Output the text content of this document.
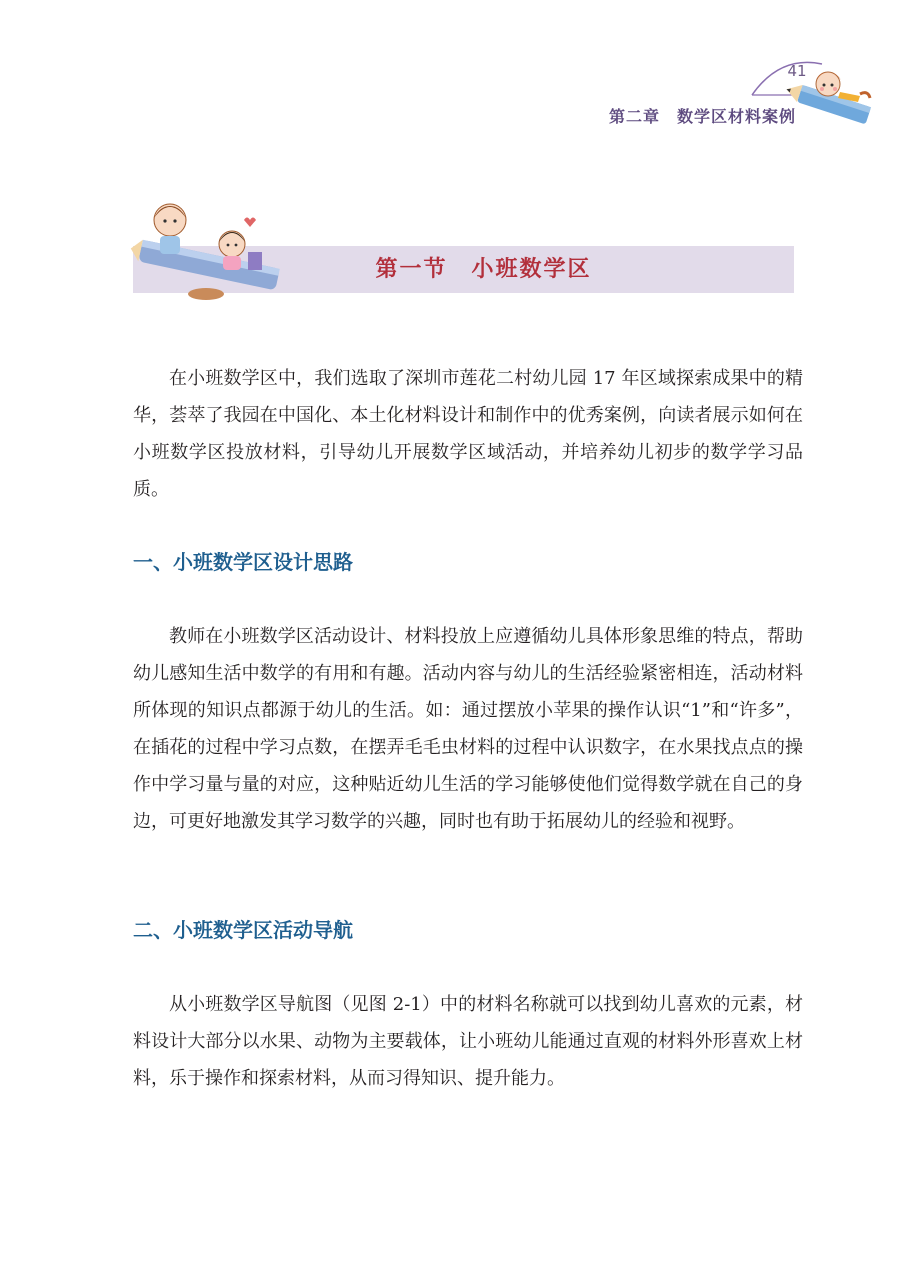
41
第二章　数学区材料案例
第一节　小班数学区

在小班数学区中，我们选取了深圳市莲花二村幼儿园 17 年区域探索成果中的精华，荟萃了我园在中国化、本土化材料设计和制作中的优秀案例，向读者展示如何在小班数学区投放材料，引导幼儿开展数学区域活动，并培养幼儿初步的数学学习品质。

一、小班数学区设计思路

教师在小班数学区活动设计、材料投放上应遵循幼儿具体形象思维的特点，帮助幼儿感知生活中数学的有用和有趣。活动内容与幼儿的生活经验紧密相连，活动材料所体现的知识点都源于幼儿的生活。如：通过摆放小苹果的操作认识“1”和“许多”，在插花的过程中学习点数，在摆弄毛毛虫材料的过程中认识数字，在水果找点点的操作中学习量与量的对应，这种贴近幼儿生活的学习能够使他们觉得数学就在自己的身边，可更好地激发其学习数学的兴趣，同时也有助于拓展幼儿的经验和视野。

二、小班数学区活动导航

从小班数学区导航图（见图 2-1）中的材料名称就可以找到幼儿喜欢的元素，材料设计大部分以水果、动物为主要载体，让小班幼儿能通过直观的材料外形喜欢上材料，乐于操作和探索材料，从而习得知识、提升能力。
